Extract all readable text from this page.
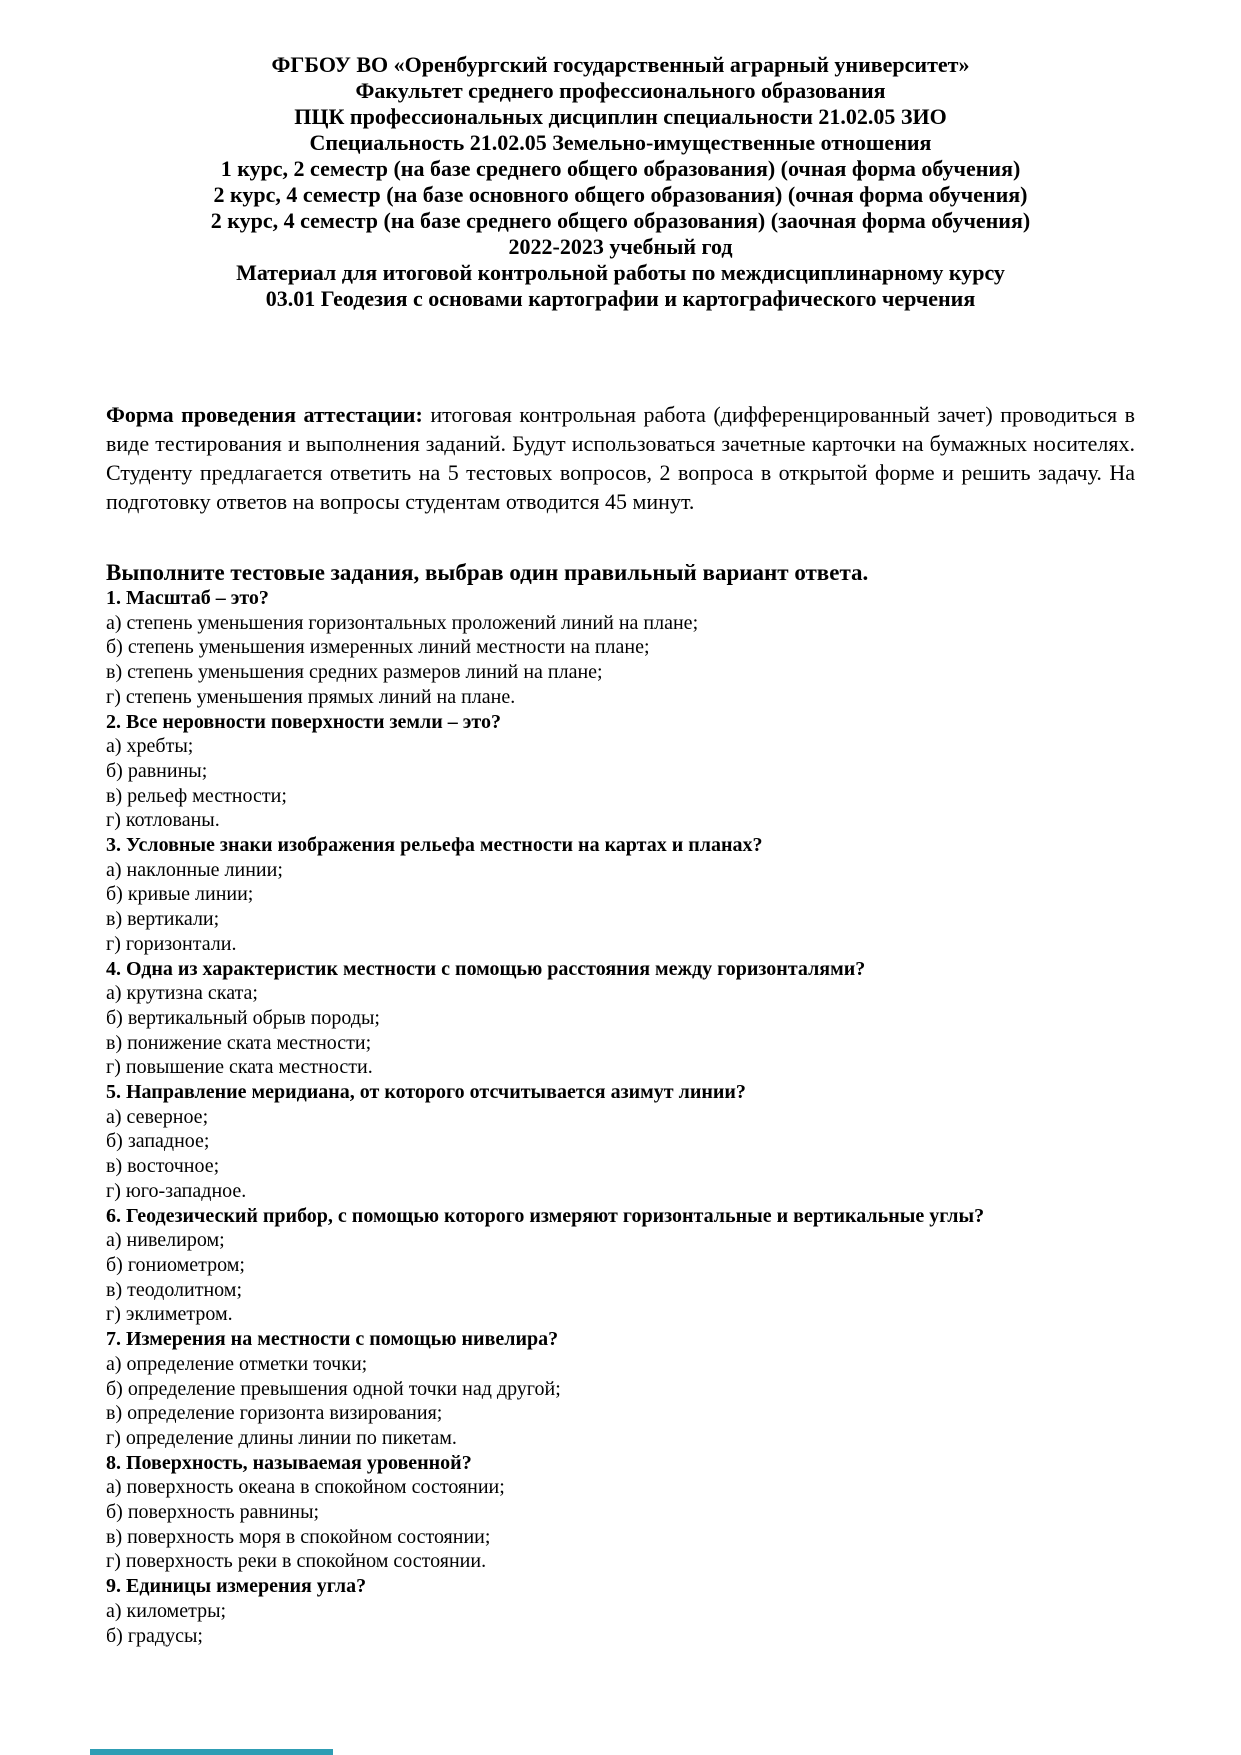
ФГБОУ ВО «Оренбургский государственный аграрный университет»
Факультет среднего профессионального образования
ПЦК профессиональных дисциплин специальности 21.02.05 ЗИО
Специальность 21.02.05 Земельно-имущественные отношения
1 курс, 2 семестр (на базе среднего общего образования) (очная форма обучения)
2 курс, 4 семестр (на базе основного общего образования) (очная форма обучения)
2 курс, 4 семестр (на базе среднего общего образования) (заочная форма обучения)
2022-2023 учебный год
Материал для итоговой контрольной работы по междисциплинарному курсу
03.01 Геодезия с основами картографии и картографического черчения

Форма проведения аттестации: итоговая контрольная работа (дифференцированный зачет) проводиться в виде тестирования и выполнения заданий. Будут использоваться зачетные карточки на бумажных носителях. Студенту предлагается ответить на 5 тестовых вопросов, 2 вопроса в открытой форме и решить задачу. На подготовку ответов на вопросы студентам отводится 45 минут.

Выполните тестовые задания, выбрав один правильный вариант ответа.
1. Масштаб – это?
а) степень уменьшения горизонтальных проложений линий на плане;
б) степень уменьшения измеренных линий местности на плане;
в) степень уменьшения средних размеров линий на плане;
г) степень уменьшения прямых линий на плане.
2. Все неровности поверхности земли – это?
а) хребты;
б) равнины;
в) рельеф местности;
г) котлованы.
3. Условные знаки изображения рельефа местности на картах и планах?
а) наклонные линии;
б) кривые линии;
в) вертикали;
г) горизонтали.
4. Одна из характеристик местности с помощью расстояния между горизонталями?
а) крутизна ската;
б) вертикальный обрыв породы;
в) понижение ската местности;
г) повышение ската местности.
5. Направление меридиана, от которого отсчитывается азимут линии?
а) северное;
б) западное;
в) восточное;
г) юго-западное.
6. Геодезический прибор, с помощью которого измеряют горизонтальные и вертикальные углы?
а) нивелиром;
б) гониометром;
в) теодолитном;
г) эклиметром.
7. Измерения на местности с помощью нивелира?
а) определение отметки точки;
б) определение превышения одной точки над другой;
в) определение горизонта визирования;
г) определение длины линии по пикетам.
8. Поверхность, называемая уровенной?
а) поверхность океана в спокойном состоянии;
б) поверхность равнины;
в) поверхность моря в спокойном состоянии;
г) поверхность реки в спокойном состоянии.
9. Единицы измерения угла?
а) километры;
б) градусы;
